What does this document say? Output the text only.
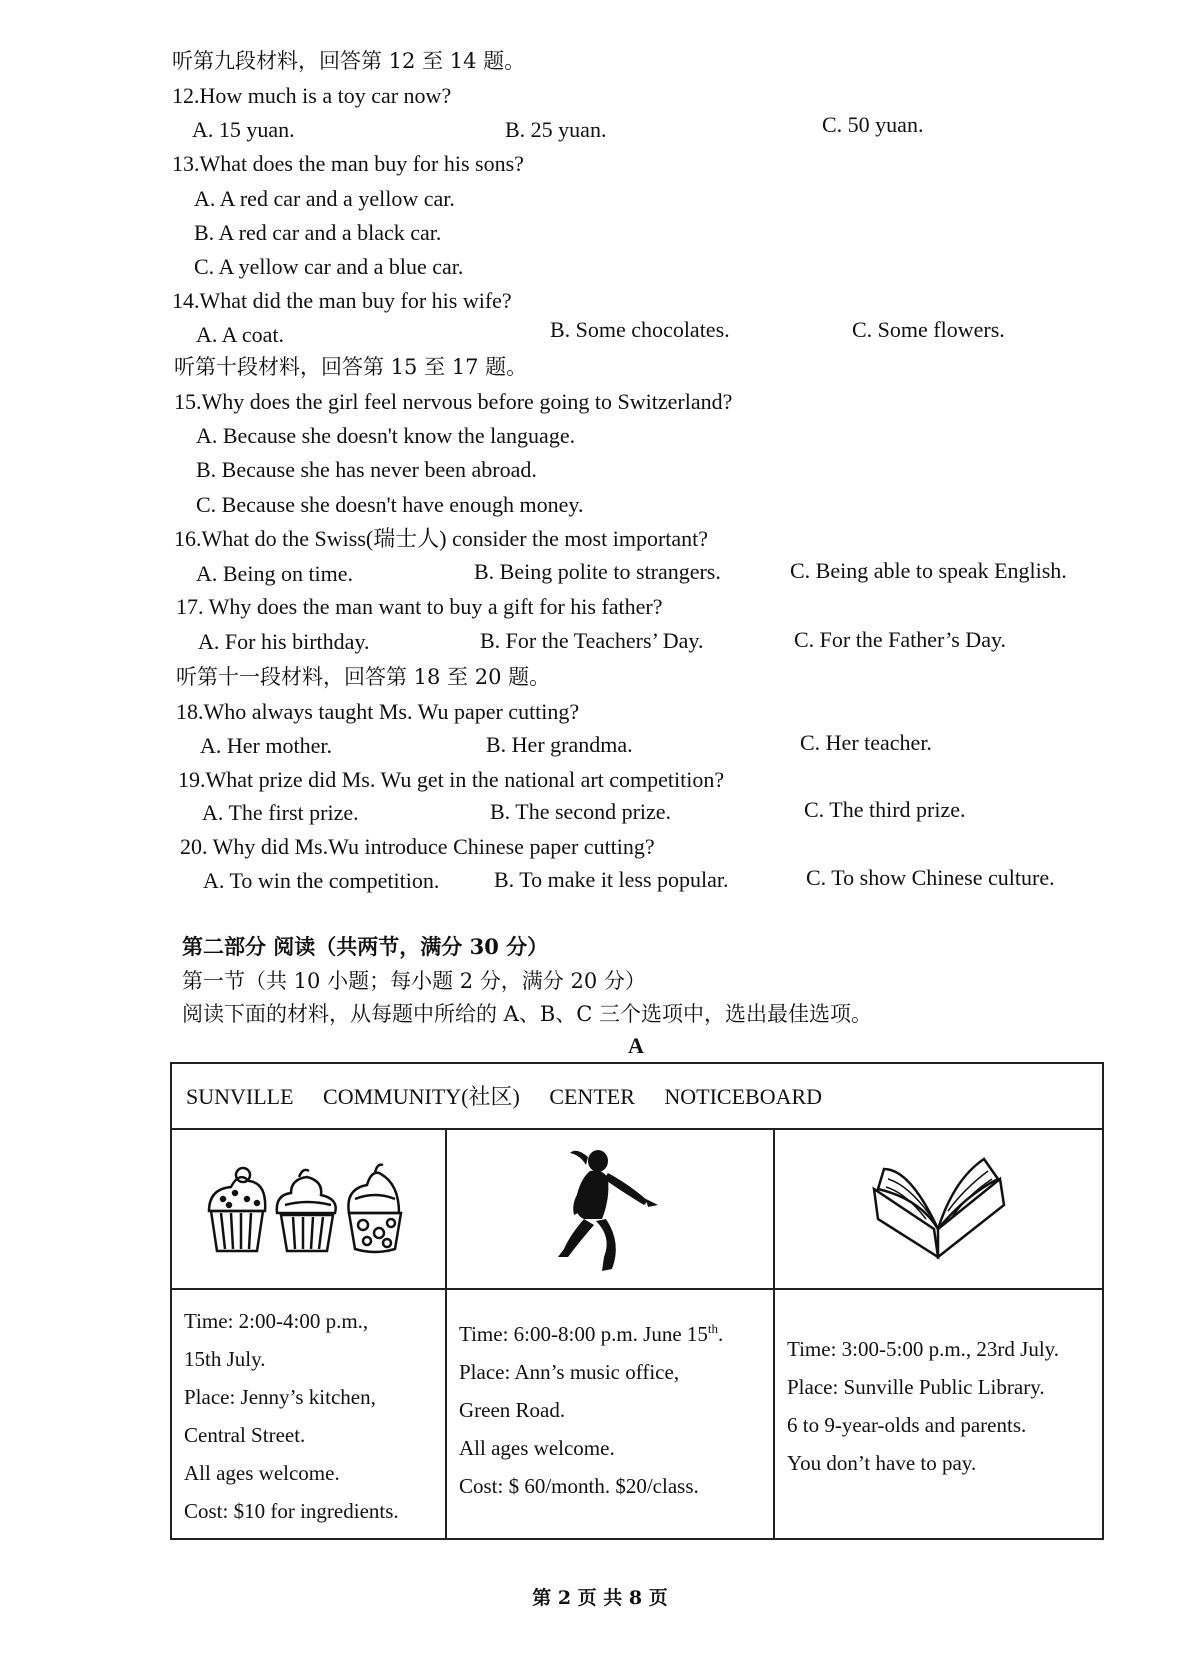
听第九段材料，回答第 12 至 14 题。
12.How much is a toy car now?
A. 15 yuan.	B. 25 yuan.	C. 50 yuan.
13.What does the man buy for his sons?
A. A red car and a yellow car.
B. A red car and a black car.
C. A yellow car and a blue car.
14.What did the man buy for his wife?
A. A coat.	B. Some chocolates.	C. Some flowers.
听第十段材料，回答第 15 至 17 题。
15.Why does the girl feel nervous before going to Switzerland?
A. Because she doesn't know the language.
B. Because she has never been abroad.
C. Because she doesn't have enough money.
16.What do the Swiss(瑞士人) consider the most important?
A. Being on time.	B. Being polite to strangers.	C. Being able to speak English.
17. Why does the man want to buy a gift for his father?
A. For his birthday.	B. For the Teachers’ Day.	C. For the Father’s Day.
听第十一段材料，回答第 18 至 20 题。
18.Who always taught Ms. Wu paper cutting?
A. Her mother.	B. Her grandma.	C. Her teacher.
19.What prize did Ms. Wu get in the national art competition?
A. The first prize.	B. The second prize.	C. The third prize.
20. Why did Ms.Wu introduce Chinese paper cutting?
A. To win the competition. B. To make it less popular.	C. To show Chinese culture.
第二部分 阅读（共两节，满分 30 分）
第一节（共 10 小题；每小题 2 分，满分 20 分）
阅读下面的材料，从每题中所给的 A、B、C 三个选项中，选出最佳选项。
A
SUNVILLE COMMUNITY(社区) CENTER NOTICEBOARD
Time: 2:00-4:00 p.m.,
15th July.
Place: Jenny’s kitchen,
Central Street.
All ages welcome.
Cost: $10 for ingredients.
Time: 6:00-8:00 p.m. June 15th.
Place: Ann’s music office,
Green Road.
All ages welcome.
Cost: $ 60/month. $20/class.
Time: 3:00-5:00 p.m., 23rd July.
Place: Sunville Public Library.
6 to 9-year-olds and parents.
You don’t have to pay.
第 2 页 共 8 页
